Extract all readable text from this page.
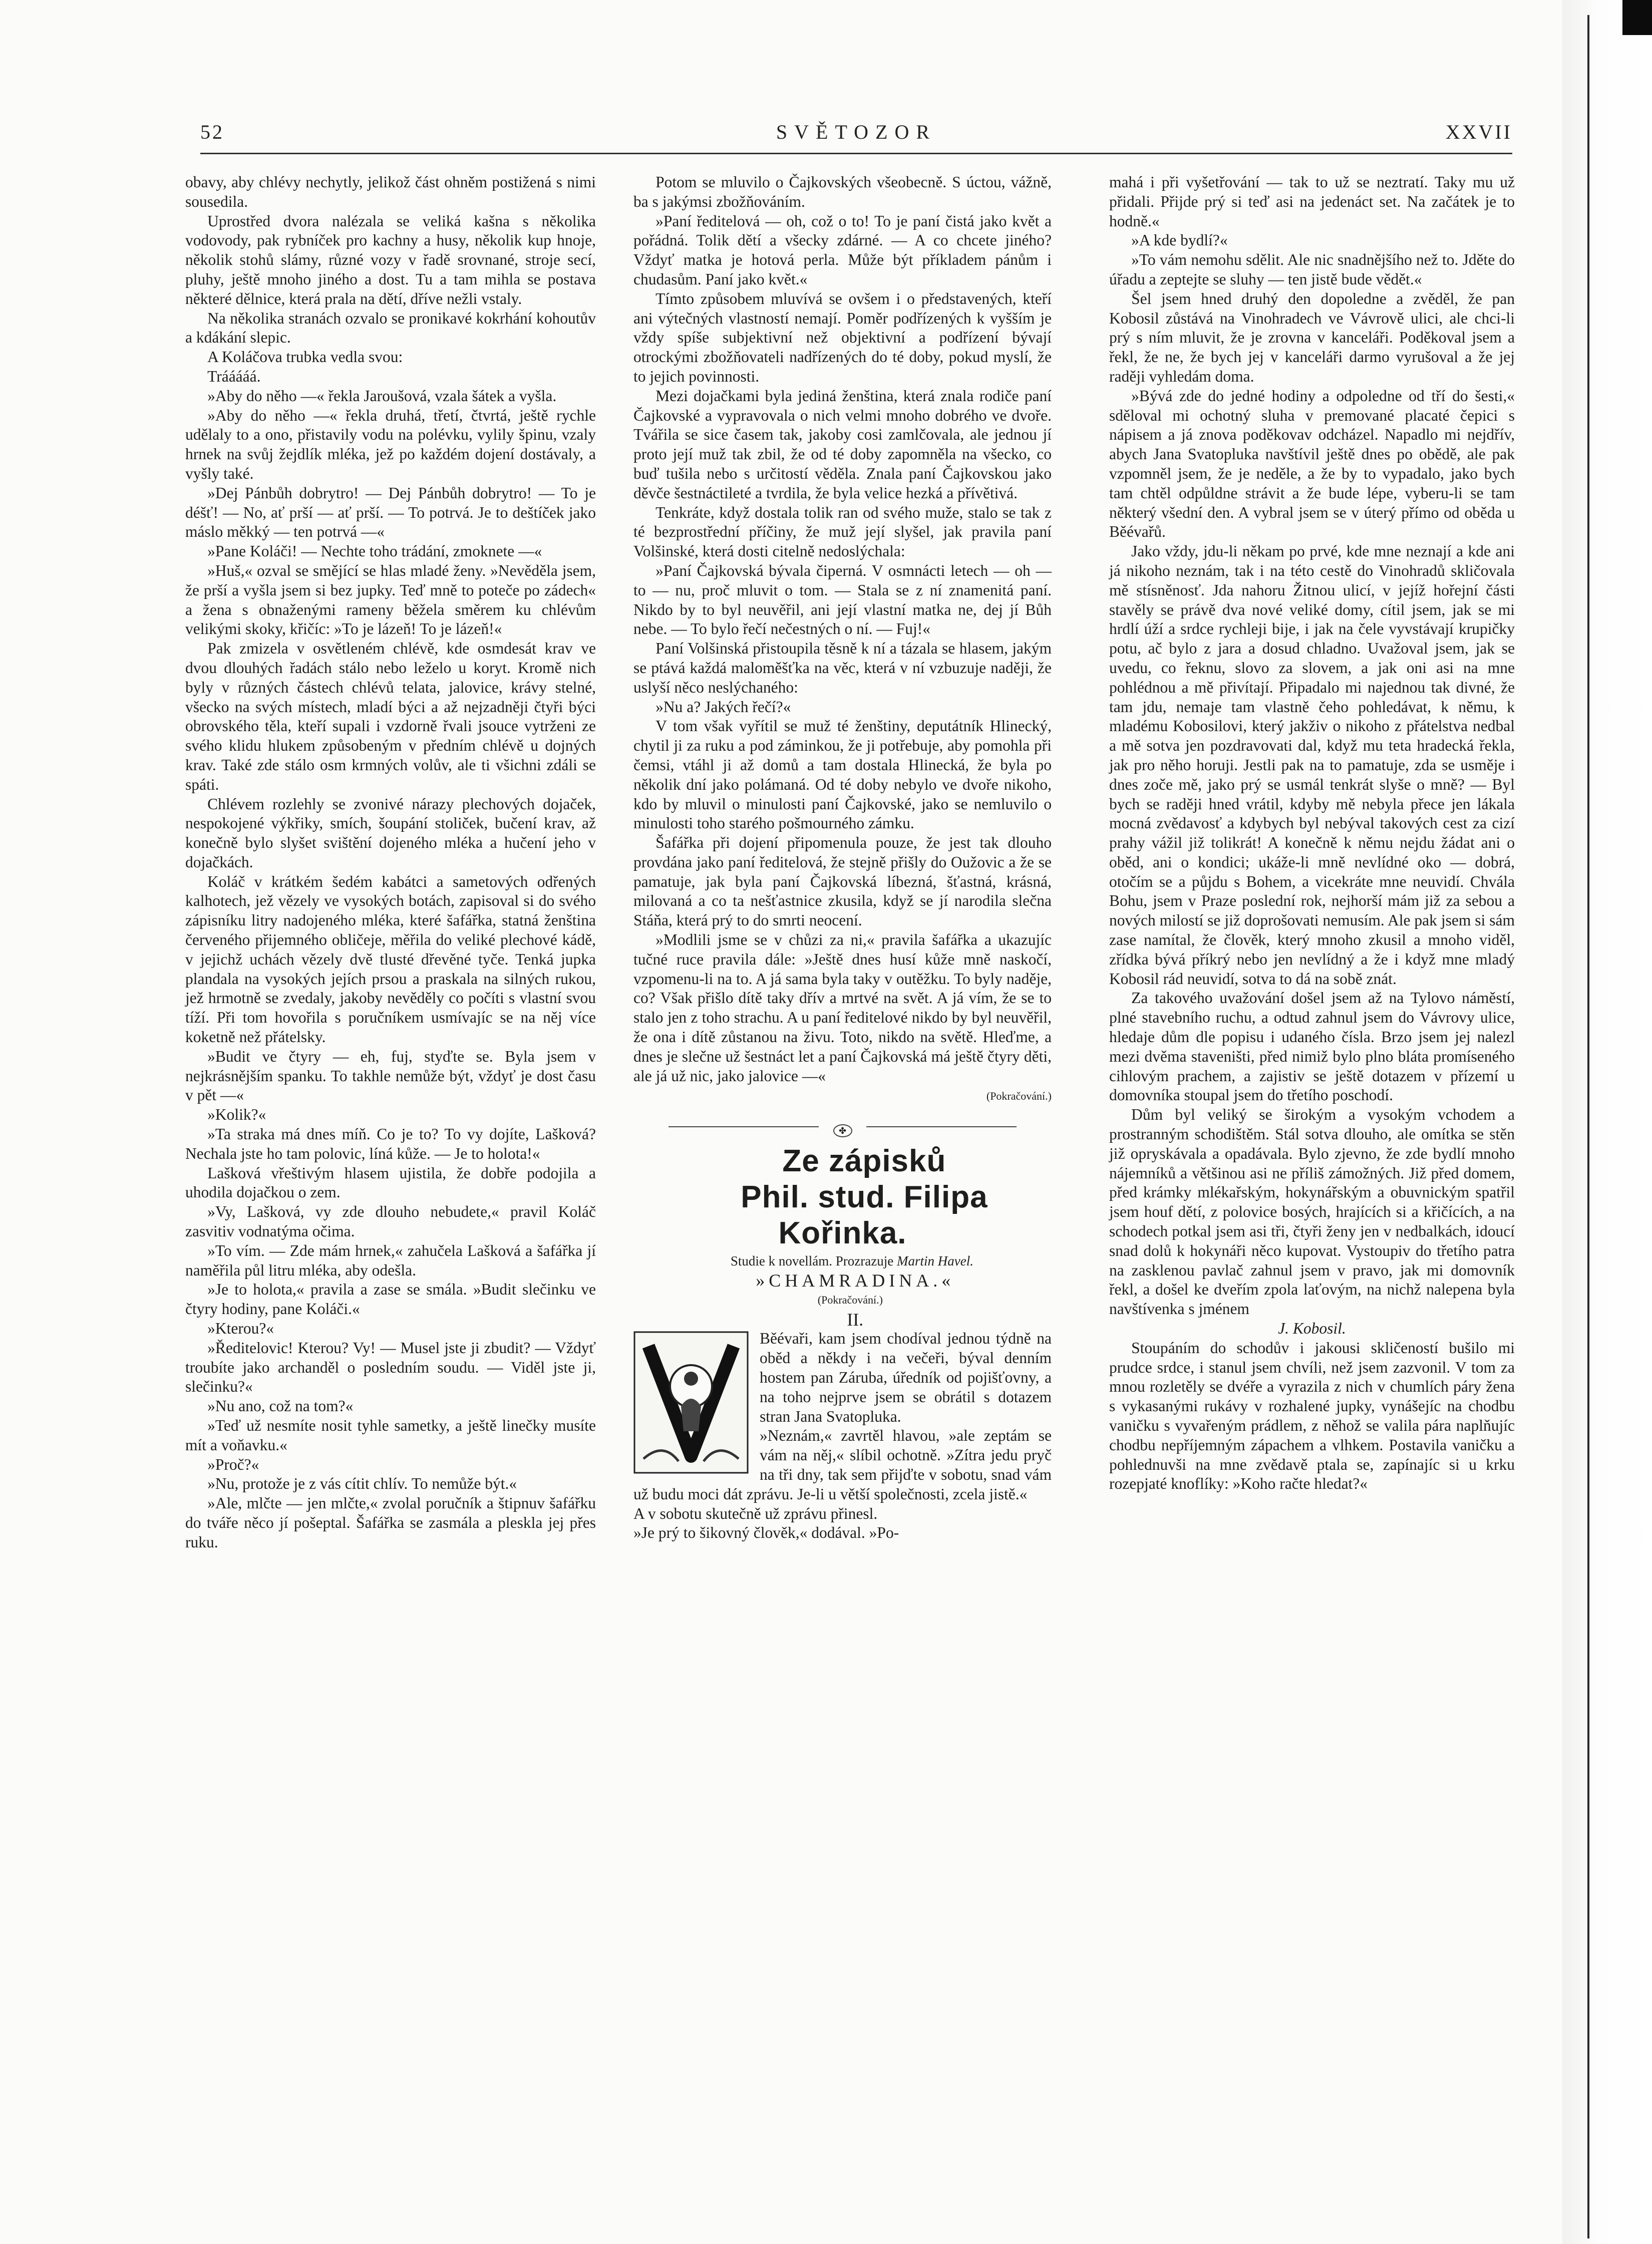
SVĚTOZOR
52	XXVII

obavy, aby chlévy nechytly, jelikož část ohněm postižená s nimi sousedila.

Uprostřed dvora nalézala se veliká kašna s několika vodovody, pak rybníček pro kachny a husy, několik kup hnoje, několik stohů slámy, různé vozy v řadě srovnané, stroje secí, pluhy, ještě mnoho jiného a dost. Tu a tam mihla se postava některé dělnice, která prala na dětí, dříve nežli vstaly.

Na několika stranách ozvalo se pronikavé kokrhání kohoutův a kdákání slepic.

A Koláčova trubka vedla svou:

Trááááá.

»Aby do něho —« řekla Jaroušová, vzala šátek a vyšla.

»Aby do něho —« řekla druhá, třetí, čtvrtá, ještě rychle udělaly to a ono, přistavily vodu na polévku, vylily špinu, vzaly hrnek na svůj žejdlík mléka, jež po každém dojení dostávaly, a vyšly také.

»Dej Pánbůh dobrytro! — Dej Pánbůh dobrytro! — To je déšť! — No, ať prší — ať prší. — To potrvá. Je to deštíček jako máslo měkký — ten potrvá —«

»Pane Koláči! — Nechte toho trádání, zmoknete —«

»Huš,« ozval se smějící se hlas mladé ženy. »Nevěděla jsem, že prší a vyšla jsem si bez jupky. Teď mně to poteče po zádech« a žena s obnaženými rameny běžela směrem ku chlévům velikými skoky, křičíc: »To je lázeň! To je lázeň!«

Pak zmizela v osvětleném chlévě, kde osmdesát krav ve dvou dlouhých řadách stálo nebo leželo u koryt. Kromě nich byly v různých částech chlévů telata, jalovice, krávy stelné, všecko na svých místech, mladí býci a až nejzadněji čtyři býci obrovského těla, kteří supali i vzdorně řvali jsouce vytrženi ze svého klidu hlukem způsobeným v předním chlévě u dojných krav. Také zde stálo osm krmných volův, ale ti všichni zdáli se spáti.

Chlévem rozlehly se zvonivé nárazy plechových dojaček, nespokojené výkřiky, smích, šoupání stoliček, bučení krav, až konečně bylo slyšet svištění dojeného mléka a hučení jeho v dojačkách.

Koláč v krátkém šedém kabátci a sametových odřených kalhotech, jež vězely ve vysokých botách, zapisoval si do svého zápisníku litry nadojeného mléka, které šafářka, statná ženština červeného přijemného obličeje, měřila do veliké plechové kádě, v jejichž uchách vězely dvě tlusté dřevěné tyče. Tenká jupka plandala na vysokých jejích prsou a praskala na silných rukou, jež hrmotně se zvedaly, jakoby nevěděly co počíti s vlastní svou tíží. Při tom hovořila s poručníkem usmívajíc se na něj více koketně než přátelsky.

»Budit ve čtyry — eh, fuj, styďte se. Byla jsem v nejkrásnějším spanku. To takhle nemůže být, vždyť je dost času v pět —«

»Kolik?«

»Ta straka má dnes míň. Co je to? To vy dojíte, Lašková? Nechala jste ho tam polovic, líná kůže. — Je to holota!«

Lašková vřeštivým hlasem ujistila, že dobře podojila a uhodila dojačkou o zem.

»Vy, Lašková, vy zde dlouho nebudete,« pravil Koláč zasvitiv vodnatýma očima.

»To vím. — Zde mám hrnek,« zahučela Lašková a šafářka jí naměřila půl litru mléka, aby odešla.

»Je to holota,« pravila a zase se smála. »Budit slečinku ve čtyry hodiny, pane Koláči.«

»Kterou?«

»Ředitelovic! Kterou? Vy! — Musel jste ji zbudit? — Vždyť troubíte jako archanděl o posledním soudu. — Viděl jste ji, slečinku?«

»Nu ano, což na tom?«

»Teď už nesmíte nosit tyhle sametky, a ještě linečky musíte mít a voňavku.«

»Proč?«

»Nu, protože je z vás cítit chlív. To nemůže být.«

»Ale, mlčte — jen mlčte,« zvolal poručník a štipnuv šafářku do tváře něco jí pošeptal. Šafářka se zasmála a pleskla jej přes ruku.

Potom se mluvilo o Čajkovských všeobecně. S úctou, vážně, ba s jakýmsi zbožňováním.

»Paní ředitelová — oh, což o to! To je paní čistá jako květ a pořádná. Tolik dětí a všecky zdárné. — A co chcete jiného? Vždyť matka je hotová perla. Může být příkladem pánům i chudasům. Paní jako květ.«

Tímto způsobem mluvívá se ovšem i o představených, kteří ani výtečných vlastností nemají. Poměr podřízených k vyšším je vždy spíše subjektivní než objektivní a podřízení bývají otrockými zbožňovateli nadřízených do té doby, pokud myslí, že to jejich povinnosti.

Mezi dojačkami byla jediná ženština, která znala rodiče paní Čajkovské a vypravovala o nich velmi mnoho dobrého ve dvoře. Tvářila se sice časem tak, jakoby cosi zamlčovala, ale jednou jí proto její muž tak zbil, že od té doby zapomněla na všecko, co buď tušila nebo s určitostí věděla. Znala paní Čajkovskou jako děvče šestnáctileté a tvrdila, že byla velice hezká a přívětivá.

Tenkráte, když dostala tolik ran od svého muže, stalo se tak z té bezprostřední příčiny, že muž její slyšel, jak pravila paní Volšinské, která dosti citelně nedoslýchala:

»Paní Čajkovská bývala čiperná. V osmnácti letech — oh — to — nu, proč mluvit o tom. — Stala se z ní znamenitá paní. Nikdo by to byl neuvěřil, ani její vlastní matka ne, dej jí Bůh nebe. — To bylo řečí nečestných o ní. — Fuj!«

Paní Volšinská přistoupila těsně k ní a tázala se hlasem, jakým se ptává každá maloměšťka na věc, která v ní vzbuzuje naději, že uslyší něco neslýchaného:

»Nu a? Jakých řečí?«

V tom však vyřítil se muž té ženštiny, deputátník Hlinecký, chytil ji za ruku a pod záminkou, že ji potřebuje, aby pomohla při čemsi, vtáhl ji až domů a tam dostala Hlinecká, že byla po několik dní jako polámaná. Od té doby nebylo ve dvoře nikoho, kdo by mluvil o minulosti paní Čajkovské, jako se nemluvilo o minulosti toho starého pošmourného zámku.

Šafářka při dojení připomenula pouze, že jest tak dlouho provdána jako paní ředitelová, že stejně přišly do Oužovic a že se pamatuje, jak byla paní Čajkovská líbezná, šťastná, krásná, milovaná a co ta nešťastnice zkusila, když se jí narodila slečna Stáňa, která prý to do smrti neocení.

»Modlili jsme se v chůzi za ni,« pravila šafářka a ukazujíc tučné ruce pravila dále: »Ještě dnes husí kůže mně naskočí, vzpomenu-li na to. A já sama byla taky v outěžku. To byly naděje, co? Však přišlo dítě taky dřív a mrtvé na svět. A já vím, že se to stalo jen z toho strachu. A u paní ředitelové nikdo by byl neuvěřil, že ona i dítě zůstanou na živu. Toto, nikdo na světě. Hleďme, a dnes je slečne už šestnáct let a paní Čajkovská má ještě čtyry děti, ale já už nic, jako jalovice —«

(Pokračování.)
✤

Ze zápisků

Phil. stud. Filipa Kořinka.

Studie k novellám. Prozrazuje Martin Havel.

»CHAMRADINA.«

(Pokračování.)

II.

Běévaři, kam jsem chodíval jednou týdně na oběd a někdy i na večeři, býval denním hostem pan Záruba, úředník od pojišťovny, a na toho nejprve jsem se obrátil s dotazem stran Jana Svatopluka.

»Neznám,« zavrtěl hlavou, »ale zeptám se vám na něj,« slíbil ochotně. »Zítra jedu pryč na tři dny, tak sem přijďte v sobotu, snad vám už budu moci dát zprávu. Je-li u větší společnosti, zcela jistě.«

A v sobotu skutečně už zprávu přinesl.

»Je prý to šikovný člověk,« dodával. »Po-

mahá i při vyšetřování — tak to už se neztratí. Taky mu už přidali. Přijde prý si teď asi na jedenáct set. Na začátek je to hodně.«

»A kde bydlí?«

»To vám nemohu sdělit. Ale nic snadnějšího než to. Jděte do úřadu a zeptejte se sluhy — ten jistě bude vědět.«

Šel jsem hned druhý den dopoledne a zvěděl, že pan Kobosil zůstává na Vinohradech ve Vávrově ulici, ale chci-li prý s ním mluvit, že je zrovna v kanceláři. Poděkoval jsem a řekl, že ne, že bych jej v kanceláři darmo vyrušoval a že jej raději vyhledám doma.

»Bývá zde do jedné hodiny a odpoledne od tří do šesti,« sděloval mi ochotný sluha v premované placaté čepici s nápisem a já znova poděkovav odcházel. Napadlo mi nejdřív, abych Jana Svatopluka navštívil ještě dnes po obědě, ale pak vzpomněl jsem, že je neděle, a že by to vypadalo, jako bych tam chtěl odpůldne strávit a že bude lépe, vyberu-li se tam některý všední den. A vybral jsem se v úterý přímo od oběda u Běévařů.

Jako vždy, jdu-li někam po prvé, kde mne neznají a kde ani já nikoho neznám, tak i na této cestě do Vinohradů skličovala mě stísněnosť. Jda nahoru Žitnou ulicí, v jejíž hořejní části stavěly se právě dva nové veliké domy, cítil jsem, jak se mi hrdlí úží a srdce rychleji bije, i jak na čele vyvstávají krupičky potu, ač bylo z jara a dosud chladno. Uvažoval jsem, jak se uvedu, co řeknu, slovo za slovem, a jak oni asi na mne pohlédnou a mě přivítají. Připadalo mi najednou tak divné, že tam jdu, nemaje tam vlastně čeho pohledávat, k němu, k mladému Kobosilovi, který jakživ o nikoho z přátelstva nedbal a mě sotva jen pozdravovati dal, když mu teta hradecká řekla, jak pro něho horuji. Jestli pak na to pamatuje, zda se usměje i dnes zoče mě, jako prý se usmál tenkrát slyše o mně? — Byl bych se raději hned vrátil, kdyby mě nebyla přece jen lákala mocná zvědavosť a kdybych byl nebýval takových cest za cizí prahy vážil již tolikrát! A konečně k němu nejdu žádat ani o oběd, ani o kondici; ukáže-li mně nevlídné oko — dobrá, otočím se a půjdu s Bohem, a vicekráte mne neuvidí. Chvála Bohu, jsem v Praze poslední rok, nejhorší mám již za sebou a nových milostí se již doprošovati nemusím. Ale pak jsem si sám zase namítal, že člověk, který mnoho zkusil a mnoho viděl, zřídka bývá příkrý nebo jen nevlídný a že i když mne mladý Kobosil rád neuvidí, sotva to dá na sobě znát.

Za takového uvažování došel jsem až na Tylovo náměstí, plné stavebního ruchu, a odtud zahnul jsem do Vávrovy ulice, hledaje dům dle popisu i udaného čísla. Brzo jsem jej nalezl mezi dvěma staveništi, před nimiž bylo plno bláta promíseného cihlovým prachem, a zajistiv se ještě dotazem v přízemí u domovníka stoupal jsem do třetího poschodí.

Dům byl veliký se širokým a vysokým vchodem a prostranným schodištěm. Stál sotva dlouho, ale omítka se stěn již opryskávala a opadávala. Bylo zjevno, že zde bydlí mnoho nájemníků a většinou asi ne příliš zámožných. Již před domem, před krámky mlékařským, hokynářským a obuvnickým spatřil jsem houf dětí, z polovice bosých, hrajících si a křičících, a na schodech potkal jsem asi tři, čtyři ženy jen v nedbalkách, idoucí snad dolů k hokynáři něco kupovat. Vystoupiv do třetího patra na zasklenou pavlač zahnul jsem v pravo, jak mi domovník řekl, a došel ke dveřím zpola laťovým, na nichž nalepena byla navštívenka s jménem

J. Kobosil.

Stoupáním do schodův i jakousi skličeností bušilo mi prudce srdce, i stanul jsem chvíli, než jsem zazvonil. V tom za mnou rozletěly se dvéře a vyrazila z nich v chumlích páry žena s vykasanými rukávy v rozhalené jupky, vynášejíc na chodbu vaničku s vyvařeným prádlem, z něhož se valila pára naplňujíc chodbu nepříjemným zápachem a vlhkem. Postavila vaničku a pohlednuvši na mne zvědavě ptala se, zapínajíc si u krku rozepjaté knoflíky: »Koho račte hledat?«
